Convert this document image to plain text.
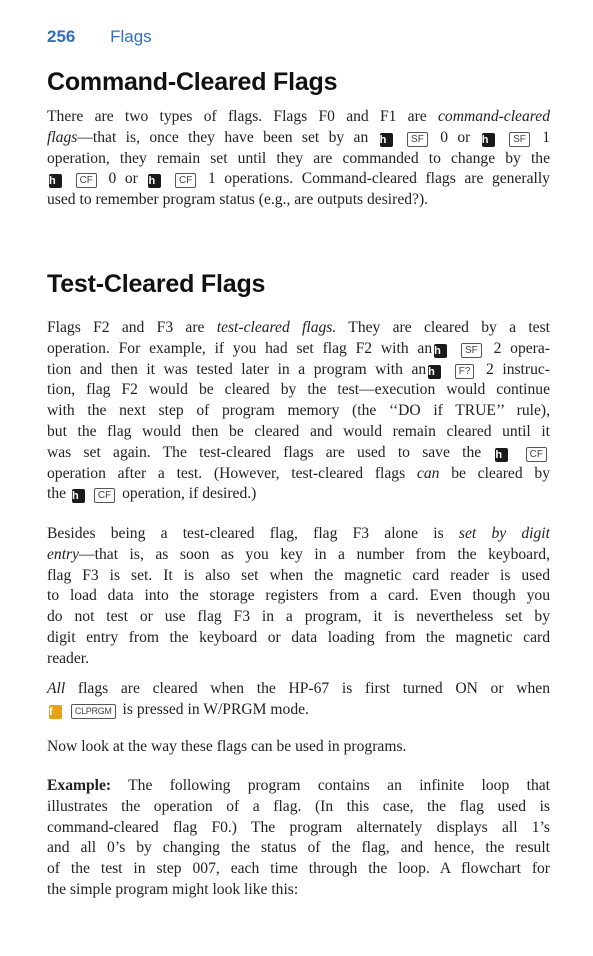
256 Flags
Command-Cleared Flags
There are two types of flags. Flags F0 and F1 are command-cleared
flags—that is, once they have been set by an h SF 0 or h SF 1
operation, they remain set until they are commanded to change by the
h CF 0 or h CF 1 operations. Command-cleared flags are generally
used to remember program status (e.g., are outputs desired?).
Test-Cleared Flags
Flags F2 and F3 are test-cleared flags. They are cleared by a test
operation. For example, if you had set flag F2 with an h SF 2 opera-
tion and then it was tested later in a program with an h F? 2 instruc-
tion, flag F2 would be cleared by the test—execution would continue
with the next step of program memory (the ‘‘DO if TRUE’’ rule),
but the flag would then be cleared and would remain cleared until it
was set again. The test-cleared flags are used to save the h	CF
operation after a test. (However, test-cleared flags can be cleared by
the h CF operation, if desired.)
Besides being a test-cleared flag, flag F3 alone is set by digit
entry—that is, as soon as you key in a number from the keyboard,
flag F3 is set. It is also set when the magnetic card reader is used
to load data into the storage registers from a card. Even though you
do not test or use flag F3 in a program, it is nevertheless set by
digit entry from the keyboard or data loading from the magnetic card
reader.
All flags are cleared when the HP-67 is first turned ON or when
f CLPRGM is pressed in W/PRGM mode.
Now look at the way these flags can be used in programs.
Example: The following program contains an infinite loop that
illustrates the operation of a flag. (In this case, the flag used is
command-cleared flag F0.) The program alternately displays all 1’s
and all 0’s by changing the status of the flag, and hence, the result
of the test in step 007, each time through the loop. A flowchart for
the simple program might look like this:
